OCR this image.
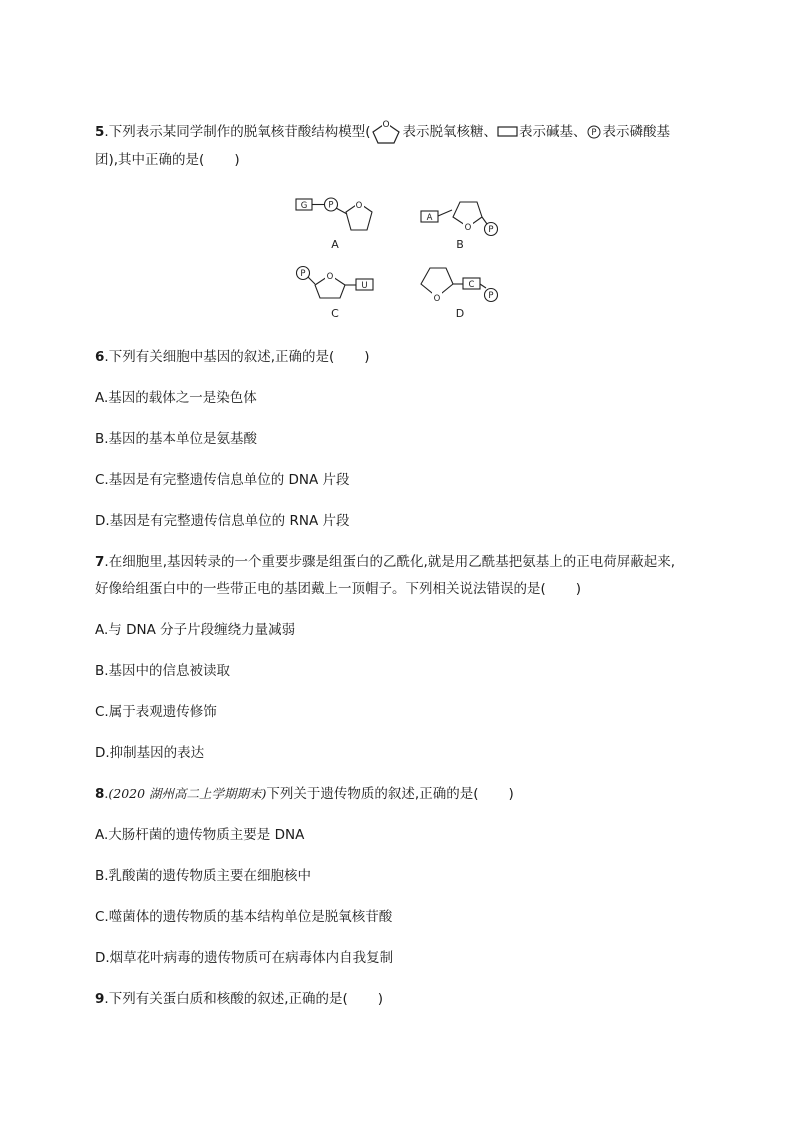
5.下列表示某同学制作的脱氧核苷酸结构模型( O 表示脱氧核糖、 表示碱基、 P 表示磷酸基
团),其中正确的是( )
G P	O
A
P
O
P O
U
O
C
P
A	B
C	D
6.下列有关细胞中基因的叙述,正确的是( )
A.基因的载体之一是染色体
B.基因的基本单位是氨基酸
C.基因是有完整遗传信息单位的 DNA 片段
D.基因是有完整遗传信息单位的 RNA 片段
7.在细胞里,基因转录的一个重要步骤是组蛋白的乙酰化,就是用乙酰基把氨基上的正电荷屏蔽起来,
好像给组蛋白中的一些带正电的基团戴上一顶帽子。下列相关说法错误的是( )
A.与 DNA 分子片段缠绕力量减弱
B.基因中的信息被读取
C.属于表观遗传修饰
D.抑制基因的表达
8.(2020 湖州高二上学期期末)下列关于遗传物质的叙述,正确的是( )
A.大肠杆菌的遗传物质主要是 DNA
B.乳酸菌的遗传物质主要在细胞核中
C.噬菌体的遗传物质的基本结构单位是脱氧核苷酸
D.烟草花叶病毒的遗传物质可在病毒体内自我复制
9.下列有关蛋白质和核酸的叙述,正确的是( )
